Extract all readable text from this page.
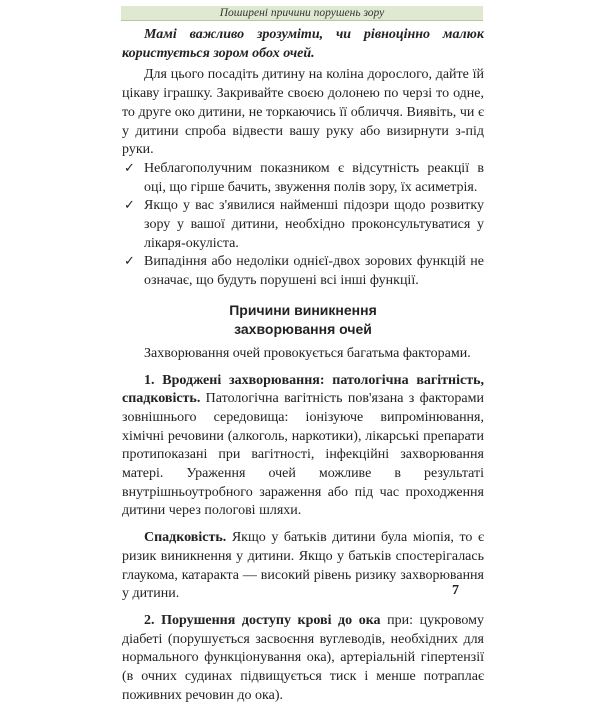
Поширені причини порушень зору

Мамі важливо зрозуміти, чи рівноцінно малюк користується зором обох очей.

Для цього посадіть дитину на коліна дорослого, дайте їй цікаву іграшку. Закривайте своєю долонею по черзі то одне, то друге око дитини, не торкаючись її обличчя. Виявіть, чи є у дитини спроба відвести вашу руку або визирнути з-під руки.

✓ Неблагополучним показником є відсутність реакції в оці, що гірше бачить, звуження полів зору, їх асиметрія.
✓ Якщо у вас з'явилися найменші підозри щодо розвитку зору у вашої дитини, необхідно проконсультуватися у лікаря-окуліста.
✓ Випадіння або недоліки однієї-двох зорових функцій не означає, що будуть порушені всі інші функції.
Причини виникнення
захворювання очей

Захворювання очей провокується багатьма факторами.

1. Вроджені захворювання: патологічна вагітність, спадковість. Патологічна вагітність пов'язана з факторами зовнішнього середовища: іонізуюче випромінювання, хімічні речовини (алкоголь, наркотики), лікарські препарати протипоказані при вагітності, інфекційні захворювання матері. Ураження очей можливе в результаті внутрішньоутробного зараження або під час проходження дитини через пологові шляхи.

Спадковість. Якщо у батьків дитини була міопія, то є ризик виникнення у дитини. Якщо у батьків спостерігалась глаукома, катаракта — високий рівень ризику захворювання у дитини.

2. Порушення доступу крові до ока при: цукровому діабеті (порушується засвоєння вуглеводів, необхідних для нормального функціонування ока), артеріальній гіпертензії (в очних судинах підвищується тиск і менше потраплає поживних речовин до ока).

7
